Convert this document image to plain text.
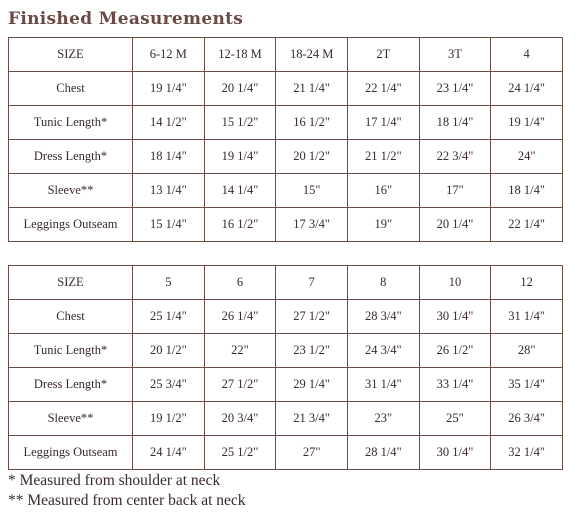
Finished Measurements
SIZE	6-12 M	12-18 M	18-24 M	2T	3T	4
Chest	19 1/4"	20 1/4"	21 1/4"	22 1/4"	23 1/4"	24 1/4"
Tunic Length*	14 1/2"	15 1/2"	16 1/2"	17 1/4"	18 1/4"	19 1/4"
Dress Length*	18 1/4"	19 1/4"	20 1/2"	21 1/2"	22 3/4"	24"
Sleeve**	13 1/4"	14 1/4"	15"	16"	17"	18 1/4"
Leggings Outseam	15 1/4"	16 1/2"	17 3/4"	19"	20 1/4"	22 1/4"
SIZE	5	6	7	8	10	12
Chest	25 1/4"	26 1/4"	27 1/2"	28 3/4"	30 1/4"	31 1/4"
Tunic Length*	20 1/2"	22"	23 1/2"	24 3/4"	26 1/2"	28"
Dress Length*	25 3/4"	27 1/2"	29 1/4"	31 1/4"	33 1/4"	35 1/4"
Sleeve**	19 1/2"	20 3/4"	21 3/4"	23"	25"	26 3/4"
Leggings Outseam	24 1/4"	25 1/2"	27"	28 1/4"	30 1/4"	32 1/4"
* Measured from shoulder at neck
** Measured from center back at neck
